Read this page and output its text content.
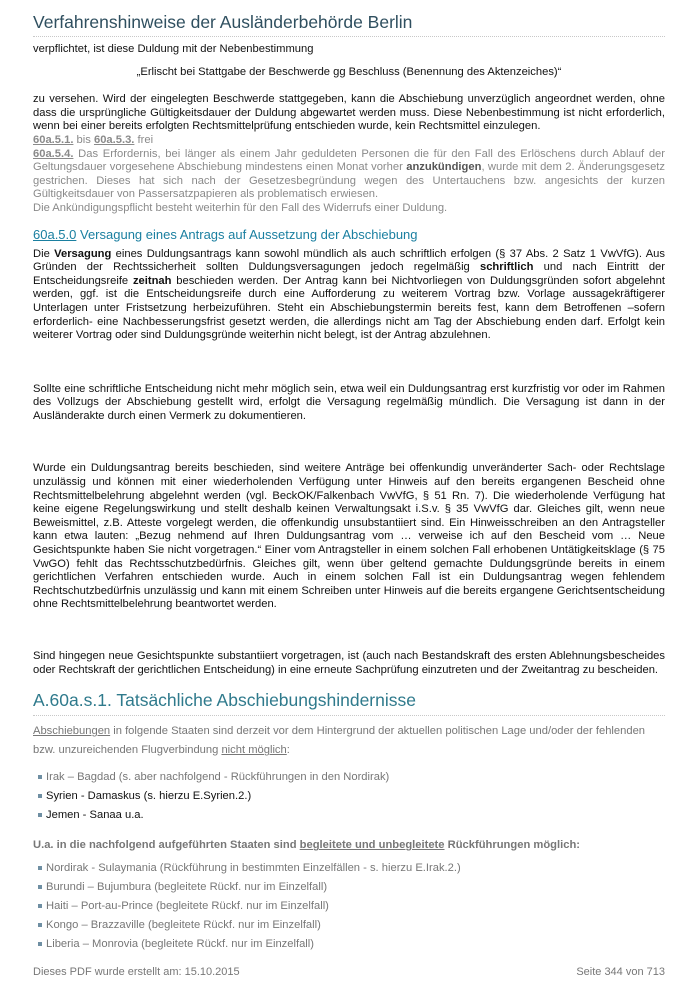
Verfahrenshinweise der Ausländerbehörde Berlin

verpflichtet, ist diese Duldung mit der Nebenbestimmung

„Erlischt bei Stattgabe der Beschwerde gg Beschluss (Benennung des Aktenzeiches)“

zu versehen. Wird der eingelegten Beschwerde stattgegeben, kann die Abschiebung unverzüglich angeordnet werden, ohne dass die ursprüngliche Gültigkeitsdauer der Duldung abgewartet werden muss. Diese Nebenbestimmung ist nicht erforderlich, wenn bei einer bereits erfolgten Rechtsmittelprüfung entschieden wurde, kein Rechtsmittel einzulegen.

60a.5.1. bis 60a.5.3. frei

60a.5.4. Das Erfordernis, bei länger als einem Jahr geduldeten Personen die für den Fall des Erlöschens durch Ablauf der Geltungsdauer vorgesehene Abschiebung mindestens einen Monat vorher anzukündigen, wurde mit dem 2. Änderungsgesetz gestrichen. Dieses hat sich nach der Gesetzesbegründung wegen des Untertauchens bzw. angesichts der kurzen Gültigkeitsdauer von Passersatzpapieren als problematisch erwiesen.

Die Ankündigungspflicht besteht weiterhin für den Fall des Widerrufs einer Duldung.

60a.5.0 Versagung eines Antrags auf Aussetzung der Abschiebung

Die Versagung eines Duldungsantrags kann sowohl mündlich als auch schriftlich erfolgen (§ 37 Abs. 2 Satz 1 VwVfG). Aus Gründen der Rechtssicherheit sollten Duldungsversagungen jedoch regelmäßig schriftlich und nach Eintritt der Entscheidungsreife zeitnah beschieden werden. Der Antrag kann bei Nichtvorliegen von Duldungsgründen sofort abgelehnt werden, ggf. ist die Entscheidungsreife durch eine Aufforderung zu weiterem Vortrag bzw. Vorlage aussagekräftigerer Unterlagen unter Fristsetzung herbeizuführen. Steht ein Abschiebungstermin bereits fest, kann dem Betroffenen –sofern erforderlich- eine Nachbesserungsfrist gesetzt werden, die allerdings nicht am Tag der Abschiebung enden darf. Erfolgt kein weiterer Vortrag oder sind Duldungsgründe weiterhin nicht belegt, ist der Antrag abzulehnen.

Sollte eine schriftliche Entscheidung nicht mehr möglich sein, etwa weil ein Duldungsantrag erst kurzfristig vor oder im Rahmen des Vollzugs der Abschiebung gestellt wird, erfolgt die Versagung regelmäßig mündlich. Die Versagung ist dann in der Ausländerakte durch einen Vermerk zu dokumentieren.

Wurde ein Duldungsantrag bereits beschieden, sind weitere Anträge bei offenkundig unveränderter Sach- oder Rechtslage unzulässig und können mit einer wiederholenden Verfügung unter Hinweis auf den bereits ergangenen Bescheid ohne Rechtsmittelbelehrung abgelehnt werden (vgl. BeckOK/Falkenbach VwVfG, § 51 Rn. 7). Die wiederholende Verfügung hat keine eigene Regelungswirkung und stellt deshalb keinen Verwaltungsakt i.S.v. § 35 VwVfG dar. Gleiches gilt, wenn neue Beweismittel, z.B. Atteste vorgelegt werden, die offenkundig unsubstantiiert sind. Ein Hinweisschreiben an den Antragsteller kann etwa lauten: „Bezug nehmend auf Ihren Duldungsantrag vom … verweise ich auf den Bescheid vom … Neue Gesichtspunkte haben Sie nicht vorgetragen.“ Einer vom Antragsteller in einem solchen Fall erhobenen Untätigkeitsklage (§ 75 VwGO) fehlt das Rechtsschutzbedürfnis. Gleiches gilt, wenn über geltend gemachte Duldungsgründe bereits in einem gerichtlichen Verfahren entschieden wurde. Auch in einem solchen Fall ist ein Duldungsantrag wegen fehlendem Rechtschutzbedürfnis unzulässig und kann mit einem Schreiben unter Hinweis auf die bereits ergangene Gerichtsentscheidung ohne Rechtsmittelbelehrung beantwortet werden.

Sind hingegen neue Gesichtspunkte substantiiert vorgetragen, ist (auch nach Bestandskraft des ersten Ablehnungsbescheides oder Rechtskraft der gerichtlichen Entscheidung) in eine erneute Sachprüfung einzutreten und der Zweitantrag zu bescheiden.

A.60a.s.1. Tatsächliche Abschiebungshindernisse
Abschiebungen in folgende Staaten sind derzeit vor dem Hintergrund der aktuellen politischen Lage und/oder der fehlenden bzw. unzureichenden Flugverbindung nicht möglich:
Irak – Bagdad (s. aber nachfolgend - Rückführungen in den Nordirak)
Syrien - Damaskus (s. hierzu E.Syrien.2.)
Jemen - Sanaa u.a.
U.a. in die nachfolgend aufgeführten Staaten sind begleitete und unbegleitete Rückführungen möglich:
Nordirak - Sulaymania (Rückführung in bestimmten Einzelfällen - s. hierzu E.Irak.2.)
Burundi – Bujumbura (begleitete Rückf. nur im Einzelfall)
Haiti – Port-au-Prince (begleitete Rückf. nur im Einzelfall)
Kongo – Brazzaville (begleitete Rückf. nur im Einzelfall)
Liberia – Monrovia (begleitete Rückf. nur im Einzelfall)
Dieses PDF wurde erstellt am: 15.10.2015	Seite 344 von 713
